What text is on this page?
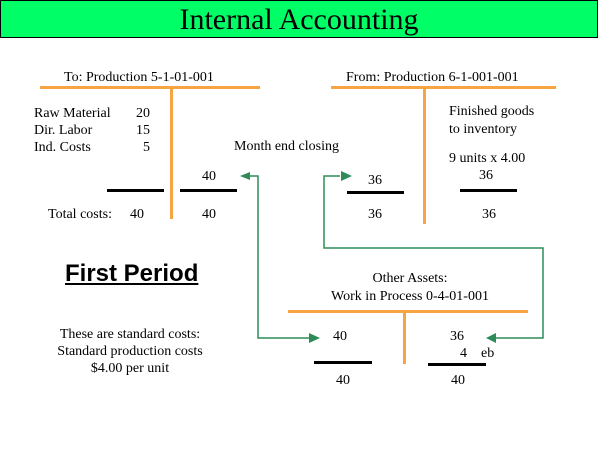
Internal Accounting
To: Production 5-1-01-001
Raw Material	20
Dir. Labor	15
Ind. Costs	5
Total costs: 40
40
40
From: Production 6-1-001-001
36
36
Finished goods
to inventory
9 units x 4.00
36
36
Month end closing
Other Assets:
Work in Process 0-4-01-001
40
40
36
4 eb
40
First Period
These are standard costs:
Standard production costs
$4.00 per unit
